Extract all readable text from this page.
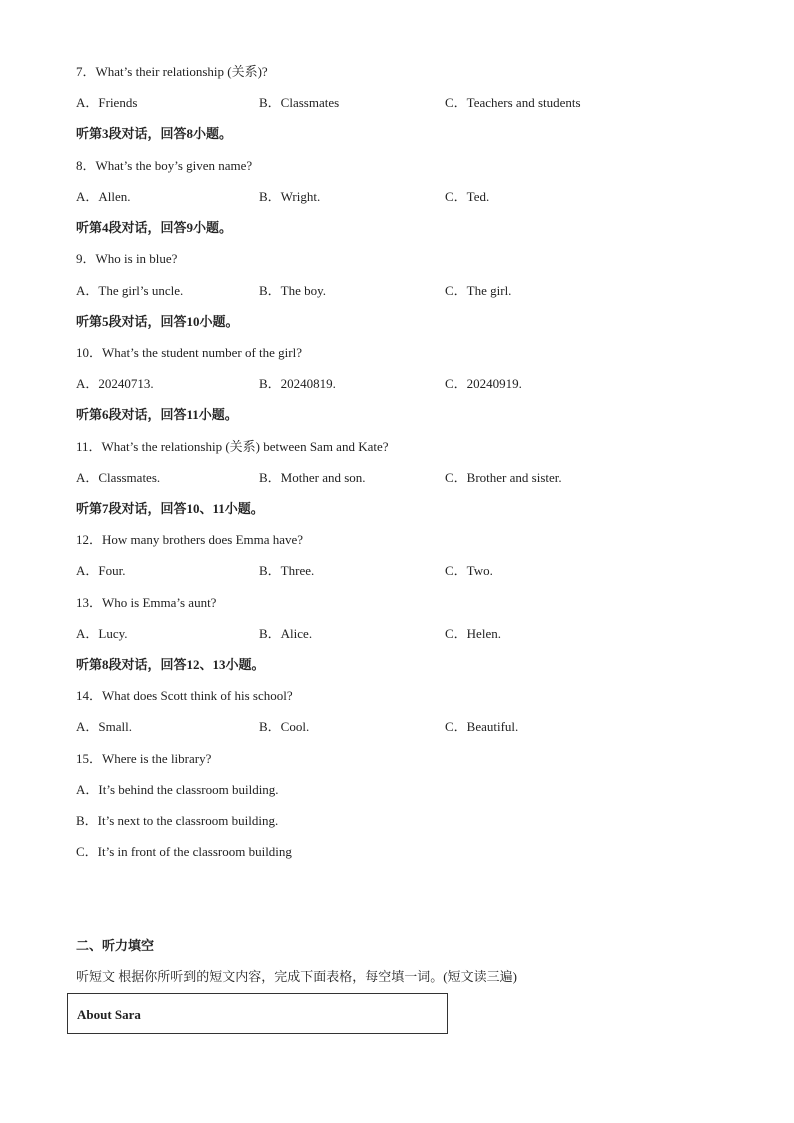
7．What’s their relationship (关系)?
A．Friends	B．Classmates	C．Teachers and students
听第3段对话，回答8小题。
8．What’s the boy’s given name?
A．Allen.	B．Wright.	C．Ted.
听第4段对话，回答9小题。
9．Who is in blue?
A．The girl’s uncle.	B．The boy.	C．The girl.
听第5段对话，回答10小题。
10．What’s the student number of the girl?
A．20240713.	B．20240819.	C．20240919.
听第6段对话，回答11小题。
11．What’s the relationship (关系) between Sam and Kate?
A．Classmates.	B．Mother and son.	C．Brother and sister.
听第7段对话，回答10、11小题。
12．How many brothers does Emma have?
A．Four.	B．Three.	C．Two.
13．Who is Emma’s aunt?
A．Lucy.	B．Alice.	C．Helen.
听第8段对话，回答12、13小题。
14．What does Scott think of his school?
A．Small.	B．Cool.	C．Beautiful.
15．Where is the library?
A．It’s behind the classroom building.
B．It’s next to the classroom building.
C．It’s in front of the classroom building
二、听力填空
听短文 根据你所听到的短文内容，完成下面表格，每空填一词。(短文读三遍)
About Sara
